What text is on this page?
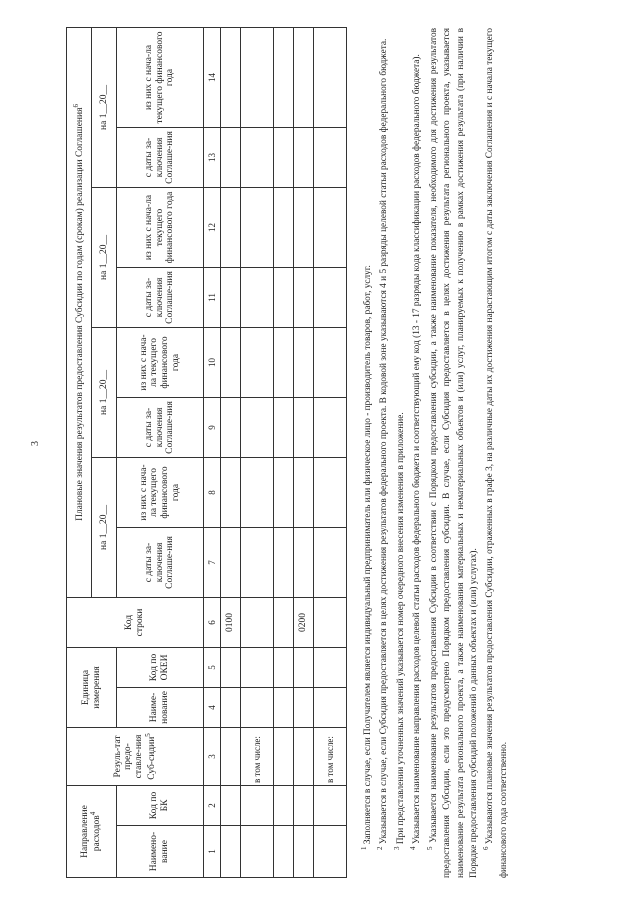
3
Направление расходов$^4$		Резуль-тат предо-ставле-ния Суб-сидии$^5$	Единица измерения		Код строки	Плановые значения результатов предоставления Субсидии по годам (срокам) реализации Соглашения$^6$
						на 1__20__		на 1__20__		на 1__20__		на 1__20__	
Наимено-вание	Код по БК		Наиме-нование	Код по ОКЕИ		с даты за-ключения Соглаше-ния	из них с нача-ла текущего финансового года	с даты за-ключения Соглаше-ния	из них с нача-ла текущего финансового года	с даты за-ключения Соглаше-ния	из них с нача-ла текущего финансового года	с даты за-ключения Соглаше-ния	из них с нача-ла текущего финансового года
1	2	3	4	5	6	7	8	9	10	11	12	13	14
					0100								
		в том числе:											

					0200								
		в том числе:											

$^1$ Заполняется в случае, если Получателем является индивидуальный предприниматель или физическое лицо - производитель товаров, работ, услуг.

$^2$ Указывается в случае, если Субсидия предоставляется в целях достижения результатов федерального проекта. В кодовой зоне указываются 4 и 5 разряды целевой статьи расходов федерального бюджета.

$^3$ При представлении уточненных значений указывается номер очередного внесения изменения в приложение.

$^4$ Указывается наименование направления расходов целевой статьи расходов федерального бюджета и соответствующий ему код (13 - 17 разряды кода классификации расходов федерального бюджета).

$^5$ Указывается наименование результатов предоставления Субсидии в соответствии с Порядком предоставления субсидии, а также наименование показателя, необходимого для достижения результатов предоставления Субсидии, если это предусмотрено Порядком предоставления субсидии. В случае, если Субсидия предоставляется в целях достижения результата регионального проекта, указывается наименование результата регионального проекта, а также наименования материальных и нематериальных объектов и (или) услуг, планируемых к получению в рамках достижения результата (при наличии в Порядке предоставления субсидий положений о данных объектах и (или) услугах). $^6$ Указываются плановые значения результатов предоставления Субсидии, отраженных в графе 3, на различные даты их достижения нарастающим итогом с даты заключения Соглашения и с начала текущего финансового года соответственно.
